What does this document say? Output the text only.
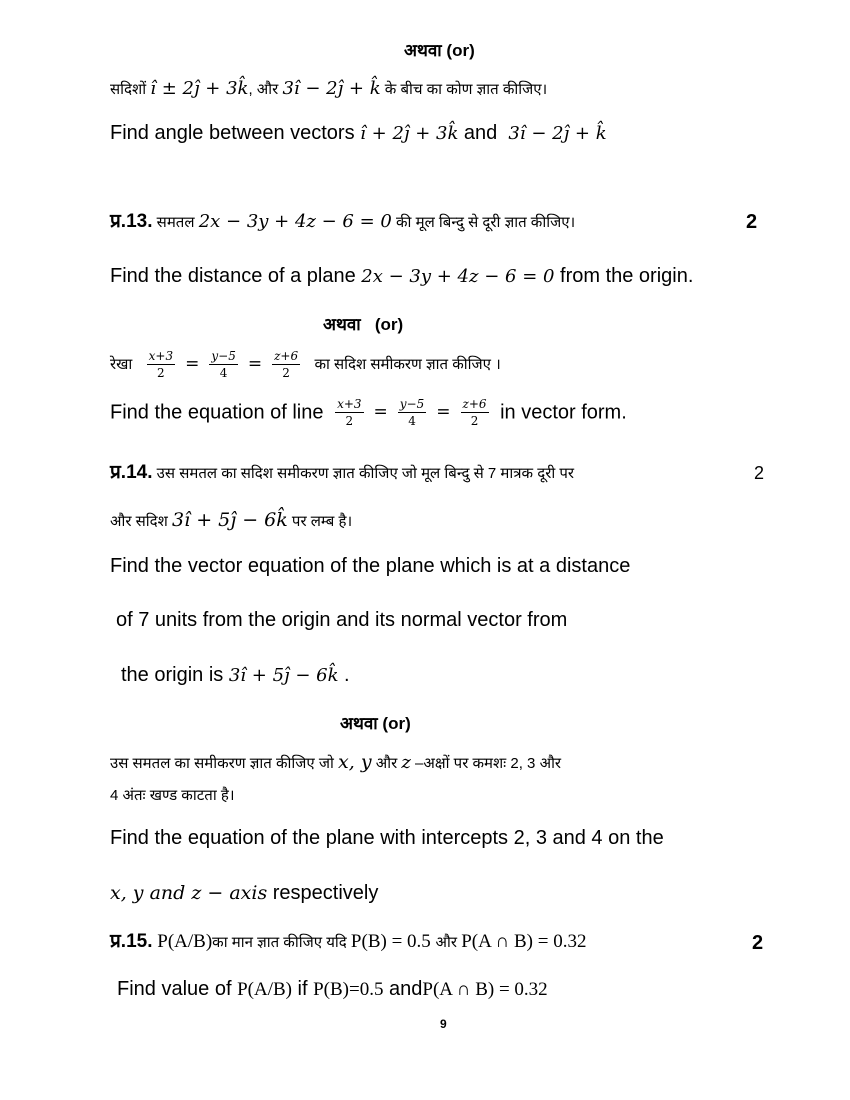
अथवा (or)
सदिशों î ± 2ĵ + 3k̂, और 3î − 2ĵ + k̂ के बीच का कोण ज्ञात कीजिए।
Find angle between vectors î + 2ĵ + 3k̂ and  3î − 2ĵ + k̂
प्र.13. समतल 2x − 3y + 4z − 6 = 0 की मूल बिन्दु से दूरी ज्ञात कीजिए।	2
Find the distance of a plane 2x − 3y + 4z − 6 = 0 from the origin.
अथवा   (or)
रेखा $\frac{x+3}{2} = \frac{y-5}{4} = \frac{z+6}{2}$ का सदिश समीकरण ज्ञात कीजिए ।
Find the equation of line $\frac{x+3}{2} = \frac{y-5}{4} = \frac{z+6}{2}$ in vector form.
प्र.14. उस समतल का सदिश समीकरण ज्ञात कीजिए जो मूल बिन्दु से 7 मात्रक दूरी पर	2
और सदिश 3î + 5ĵ − 6k̂ पर लम्ब है।
Find the vector equation of the plane which is at a distance
of 7 units from the origin and its normal vector from
the origin is 3î + 5ĵ − 6k̂ .
अथवा (or)
उस समतल का समीकरण ज्ञात कीजिए जो x, y और z –अक्षों पर कमशः 2, 3 और
4 अंतः खण्ड काटता है।
Find the equation of the plane with intercepts 2, 3 and 4 on the
x, y and z − axis respectively
प्र.15. P(A/B)का मान ज्ञात कीजिए यदि P(B) = 0.5 और P(A ∩ B) = 0.32	2
Find value of P(A/B) if P(B)=0.5 andP(A ∩ B) = 0.32
9
